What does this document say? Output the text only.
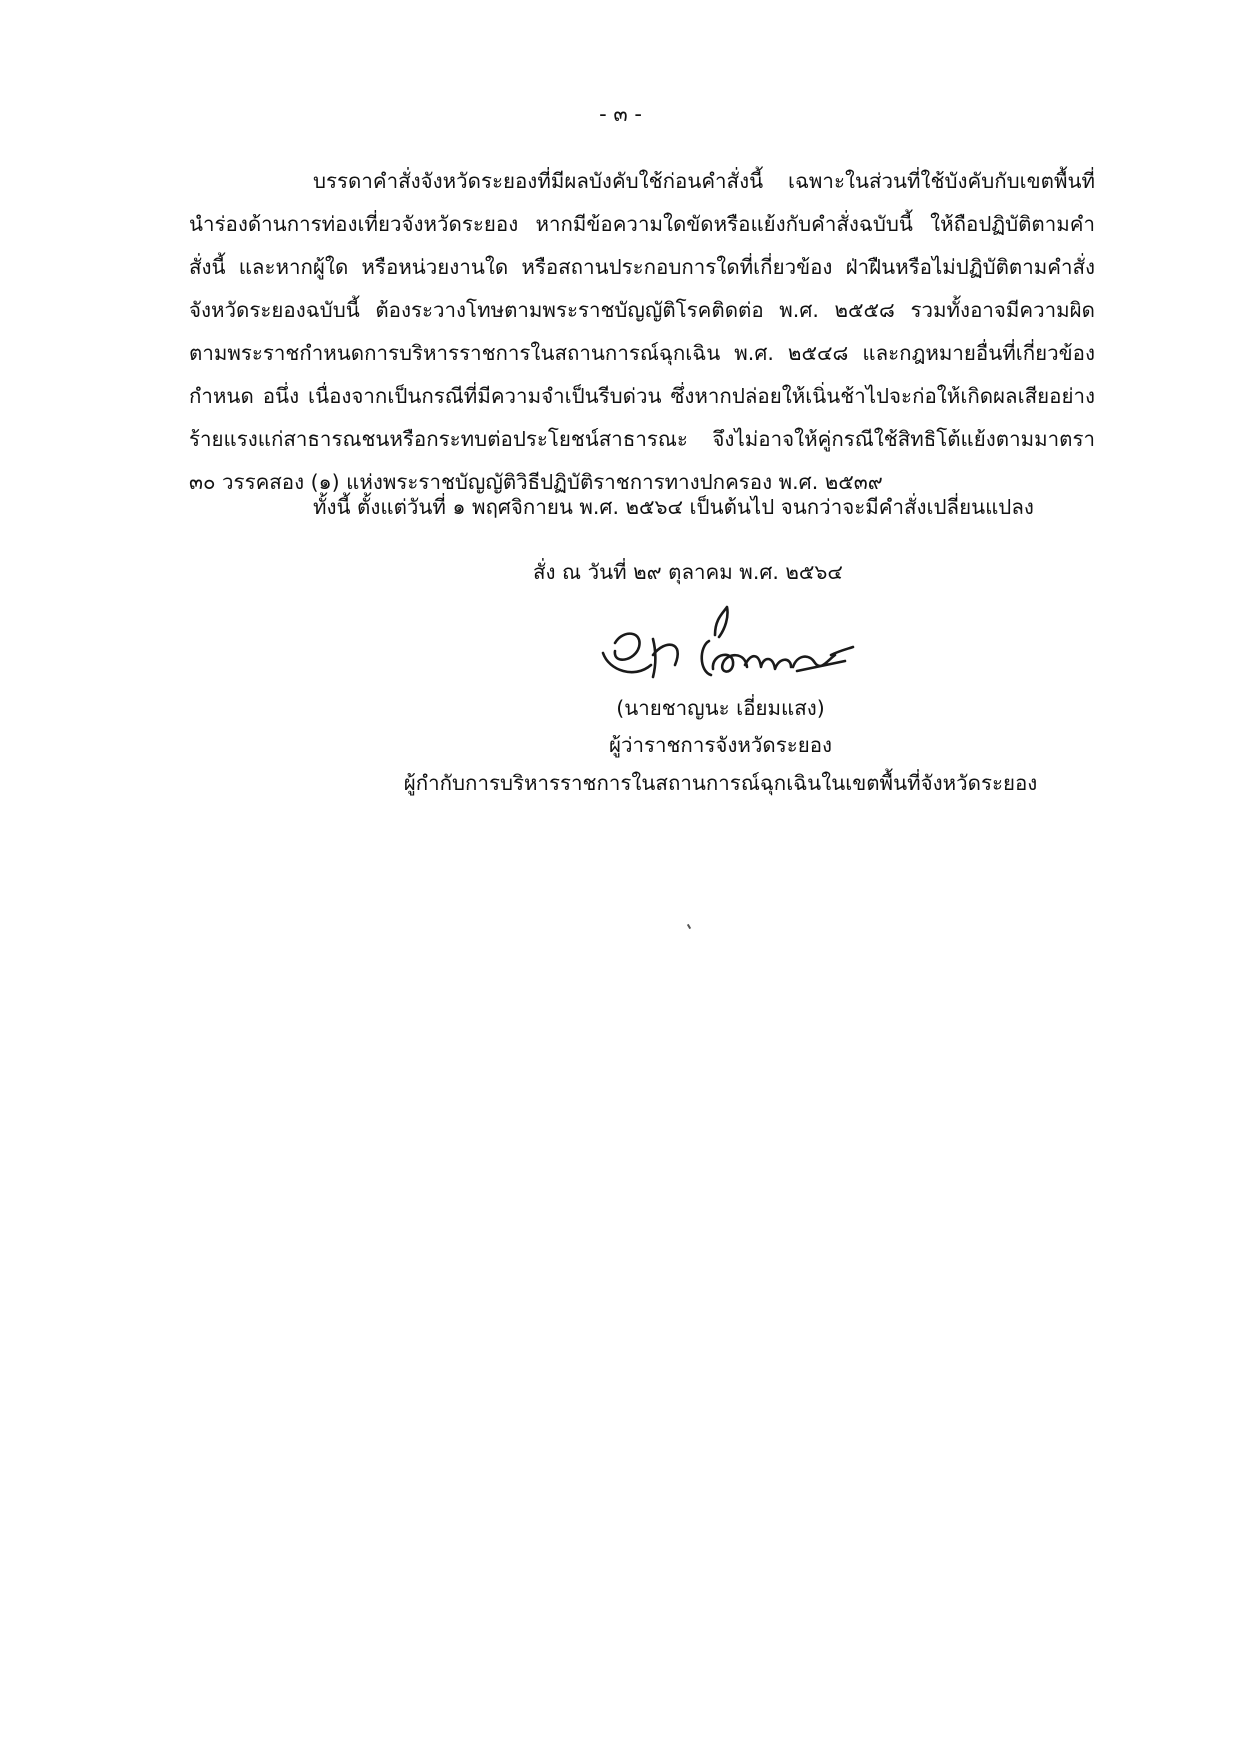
- ๓ -

บรรดาคำสั่งจังหวัดระยองที่มีผลบังคับใช้ก่อนคำสั่งนี้ เฉพาะในส่วนที่ใช้บังคับกับเขตพื้นที่นำร่องด้านการท่องเที่ยวจังหวัดระยอง หากมีข้อความใดขัดหรือแย้งกับคำสั่งฉบับนี้ ให้ถือปฏิบัติตามคำสั่งนี้ และหากผู้ใด หรือหน่วยงานใด หรือสถานประกอบการใดที่เกี่ยวข้อง ฝ่าฝืนหรือไม่ปฏิบัติตามคำสั่งจังหวัดระยองฉบับนี้ ต้องระวางโทษตามพระราชบัญญัติโรคติดต่อ พ.ศ. ๒๕๕๘ รวมทั้งอาจมีความผิดตามพระราชกำหนดการบริหารราชการในสถานการณ์ฉุกเฉิน พ.ศ. ๒๕๔๘ และกฎหมายอื่นที่เกี่ยวข้องกำหนด อนึ่ง เนื่องจากเป็นกรณีที่มีความจำเป็นรีบด่วน ซึ่งหากปล่อยให้เนิ่นช้าไปจะก่อให้เกิดผลเสียอย่างร้ายแรงแก่สาธารณชนหรือกระทบต่อประโยชน์สาธารณะ จึงไม่อาจให้คู่กรณีใช้สิทธิโต้แย้งตามมาตรา ๓๐ วรรคสอง (๑) แห่งพระราชบัญญัติวิธีปฏิบัติราชการทางปกครอง พ.ศ. ๒๕๓๙

ทั้งนี้ ตั้งแต่วันที่ ๑ พฤศจิกายน พ.ศ. ๒๕๖๔ เป็นต้นไป จนกว่าจะมีคำสั่งเปลี่ยนแปลง
สั่ง ณ วันที่ ๒๙ ตุลาคม พ.ศ. ๒๕๖๔
(นายชาญนะ เอี่ยมแสง)
ผู้ว่าราชการจังหวัดระยอง
ผู้กำกับการบริหารราชการในสถานการณ์ฉุกเฉินในเขตพื้นที่จังหวัดระยอง
